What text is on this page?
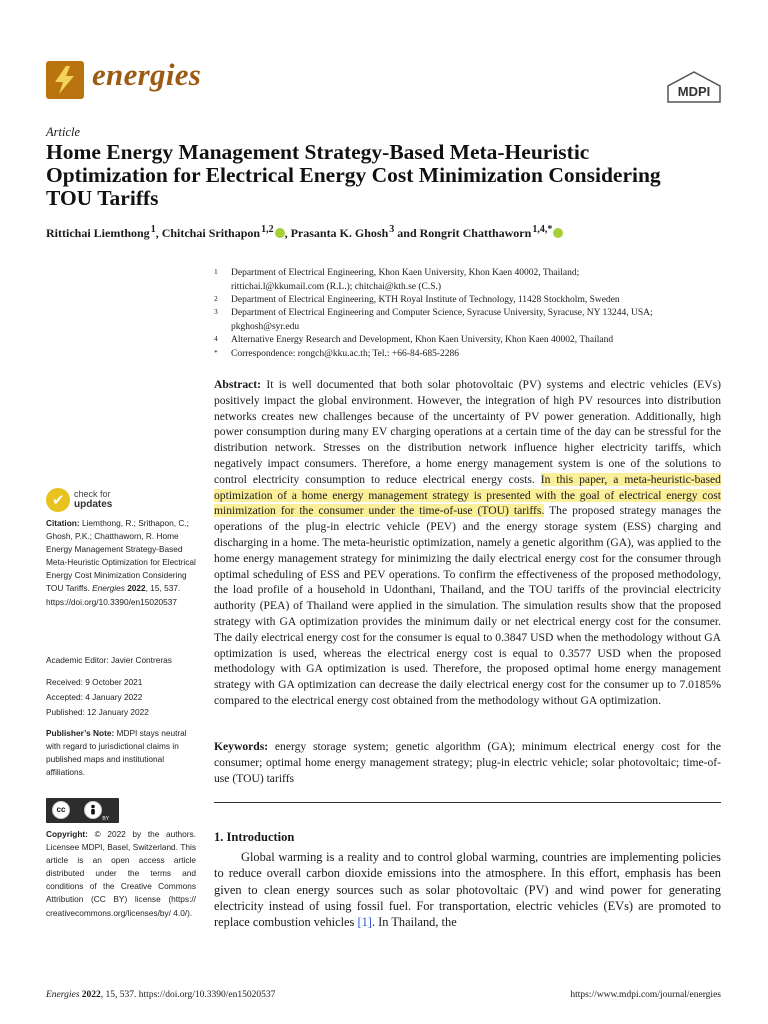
energies	MDPI
Article
Home Energy Management Strategy-Based Meta-Heuristic Optimization for Electrical Energy Cost Minimization Considering TOU Tariffs
Rittichai Liemthong $^1$, Chitchai Srithapon $^{1,2}$ , Prasanta K. Ghosh $^3$ and Rongrit Chatthaworn $^{1,4,*}$
1 Department of Electrical Engineering, Khon Kaen University, Khon Kaen 40002, Thailand;
rittichai.l@kkumail.com (R.L.); chitchai@kth.se (C.S.)
2 Department of Electrical Engineering, KTH Royal Institute of Technology, 11428 Stockholm, Sweden
3 Department of Electrical Engineering and Computer Science, Syracuse University, Syracuse, NY 13244, USA;
pkghosh@syr.edu
4 Alternative Energy Research and Development, Khon Kaen University, Khon Kaen 40002, Thailand
* Correspondence: rongch@kku.ac.th; Tel.: +66-84-685-2286
Abstract: It is well documented that both solar photovoltaic (PV) systems and electric vehicles (EVs) positively impact the global environment. However, the integration of high PV resources into distribution networks creates new challenges because of the uncertainty of PV power generation. Additionally, high power consumption during many EV charging operations at a certain time of the day can be stressful for the distribution network. Stresses on the distribution network influence higher electricity tariffs, which negatively impact consumers. Therefore, a home energy management system is one of the solutions to control electricity consumption to reduce electrical energy costs. In this paper, a meta-heuristic-based optimization of a home energy management strategy is presented with the goal of electrical energy cost minimization for the consumer under the time-of-use (TOU) tariffs. The proposed strategy manages the operations of the plug-in electric vehicle (PEV) and the energy storage system (ESS) charging and discharging in a home. The meta-heuristic optimization, namely a genetic algorithm (GA), was applied to the home energy management strategy for minimizing the daily electrical energy cost for the consumer through optimal scheduling of ESS and PEV operations. To confirm the effectiveness of the proposed methodology, the load profile of a household in Udonthani, Thailand, and the TOU tariffs of the provincial electricity authority (PEA) of Thailand were applied in the simulation. The simulation results show that the proposed strategy with GA optimization provides the minimum daily or net electrical energy cost for the consumer. The daily electrical energy cost for the consumer is equal to 0.3847 USD when the methodology without GA optimization is used, whereas the electrical energy cost is equal to 0.3577 USD when the proposed methodology with GA optimization is used. Therefore, the proposed optimal home energy management strategy with GA optimization can decrease the daily electrical energy cost for the consumer up to 7.0185% compared to the electrical energy cost obtained from the methodology without GA optimization.
Keywords: energy storage system; genetic algorithm (GA); minimum electrical energy cost for the consumer; optimal home energy management strategy; plug-in electric vehicle; solar photovoltaic; time-of-use (TOU) tariffs
1. Introduction
Global warming is a reality and to control global warming, countries are implementing policies to reduce overall carbon dioxide emissions into the atmosphere. In this effort, emphasis has been given to clean energy sources such as solar photovoltaic (PV) and wind power for generating electricity instead of using fossil fuel. For transportation, electric vehicles (EVs) are promoted to replace combustion vehicles [1]. In Thailand, the
✔ check for
updates
Citation: Liemthong, R.; Srithapon, C.; Ghosh, P.K.; Chatthaworn, R. Home Energy Management Strategy-Based Meta-Heuristic Optimization for Electrical Energy Cost Minimization Considering TOU Tariffs. Energies 2022, 15, 537. https://doi.org/10.3390/en15020537
Academic Editor: Javier Contreras
Received: 9 October 2021
Accepted: 4 January 2022
Published: 12 January 2022
Publisher’s Note: MDPI stays neutral with regard to jurisdictional claims in published maps and institutional affiliations.
cc
BY
Copyright: © 2022 by the authors. Licensee MDPI, Basel, Switzerland. This article is an open access article distributed under the terms and conditions of the Creative Commons Attribution (CC BY) license (https:// creativecommons.org/licenses/by/ 4.0/).
Energies 2022, 15, 537. https://doi.org/10.3390/en15020537	https://www.mdpi.com/journal/energies
